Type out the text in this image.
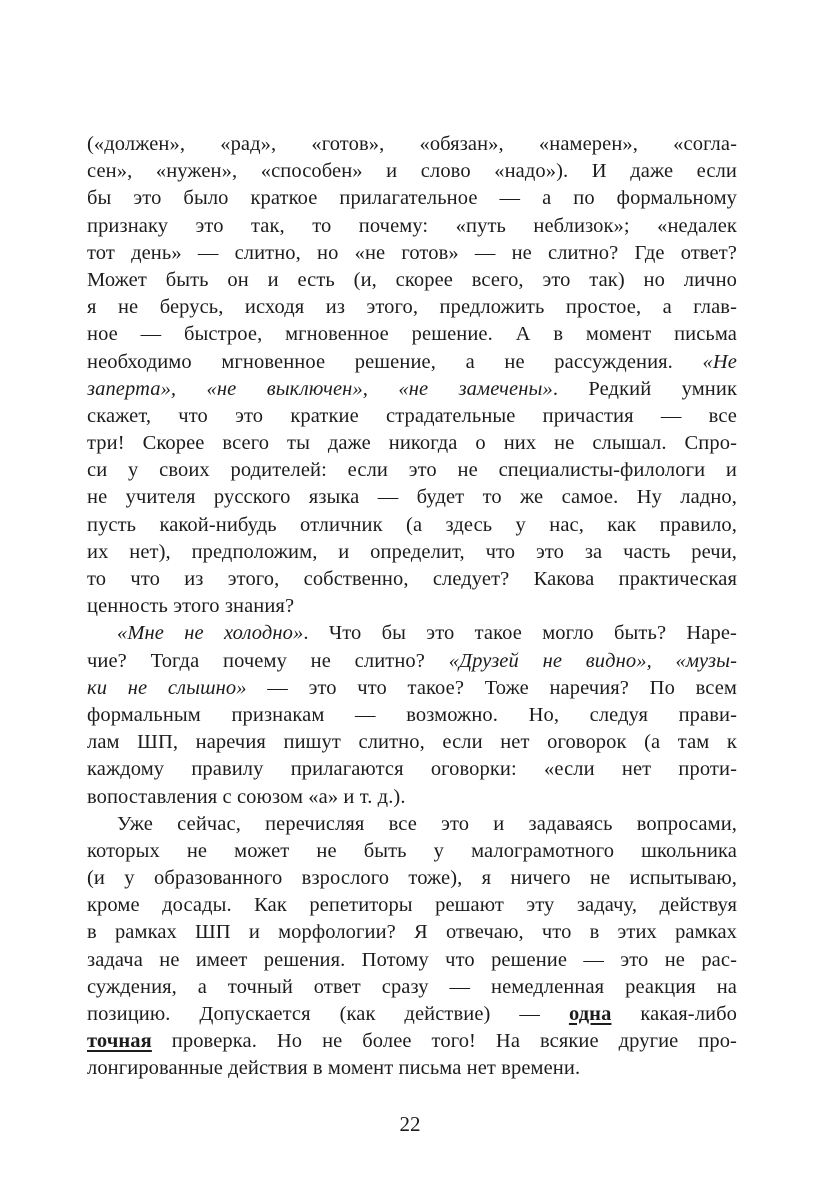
(«должен», «рад», «готов», «обязан», «намерен», «согла-
сен», «нужен», «способен» и слово «надо»). И даже если
бы это было краткое прилагательное — а по формальному
признаку это так, то почему: «путь неблизок»; «недалек
тот день» — слитно, но «не готов» — не слитно? Где ответ?
Может быть он и есть (и, скорее всего, это так) но лично
я не берусь, исходя из этого, предложить простое, а глав-
ное — быстрое, мгновенное решение. А в момент письма
необходимо мгновенное решение, а не рассуждения. «Не
заперта», «не выключен», «не замечены». Редкий умник
скажет, что это краткие страдательные причастия — все
три! Скорее всего ты даже никогда о них не слышал. Спро-
си у своих родителей: если это не специалисты-филологи и
не учителя русского языка — будет то же самое. Ну ладно,
пусть какой-нибудь отличник (а здесь у нас, как правило,
их нет), предположим, и определит, что это за часть речи,
то что из этого, собственно, следует? Какова практическая
ценность этого знания?
«Мне не холодно». Что бы это такое могло быть? Наре-
чие? Тогда почему не слитно? «Друзей не видно», «музы-
ки не слышно» — это что такое? Тоже наречия? По всем
формальным признакам — возможно. Но, следуя прави-
лам ШП, наречия пишут слитно, если нет оговорок (а там к
каждому правилу прилагаются оговорки: «если нет проти-
вопоставления с союзом «а» и т. д.).
Уже сейчас, перечисляя все это и задаваясь вопросами,
которых не может не быть у малограмотного школьника
(и у образованного взрослого тоже), я ничего не испытываю,
кроме досады. Как репетиторы решают эту задачу, действуя
в рамках ШП и морфологии? Я отвечаю, что в этих рамках
задача не имеет решения. Потому что решение — это не рас-
суждения, а точный ответ сразу — немедленная реакция на
позицию. Допускается (как действие) — одна какая-либо
точная проверка. Но не более того! На всякие другие про-
лонгированные действия в момент письма нет времени.
22
